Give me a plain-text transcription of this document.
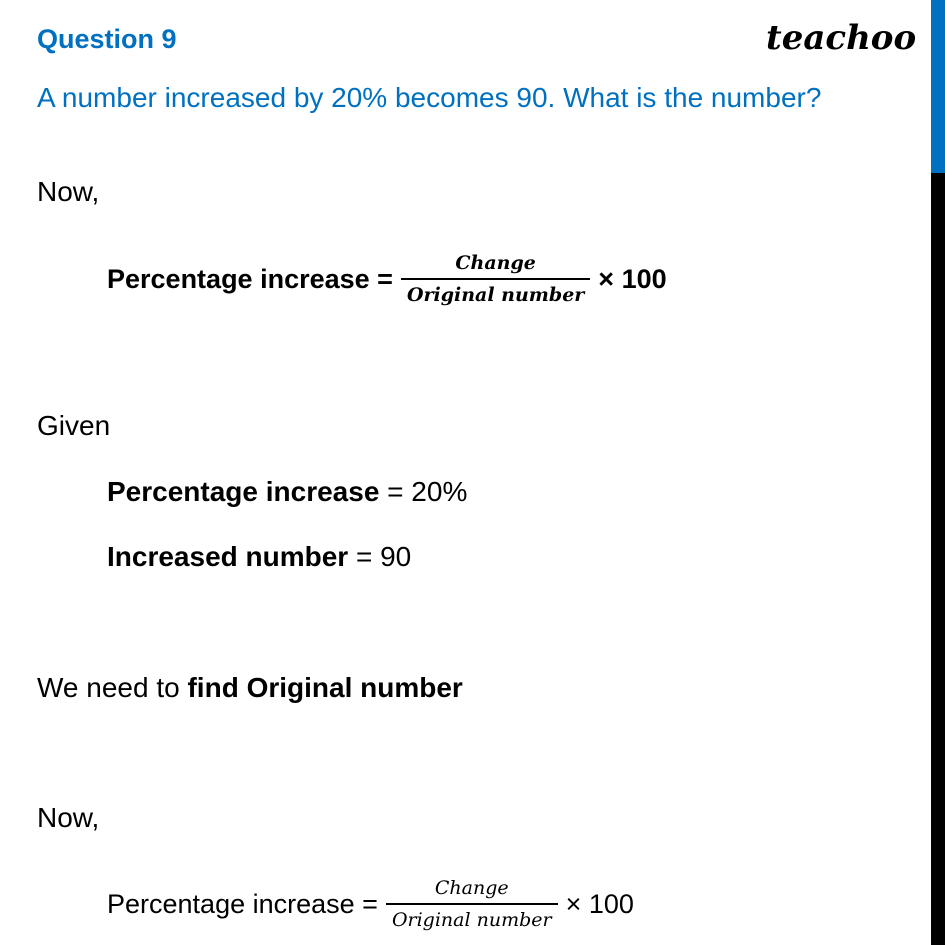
Question 9	teachoo
A number increased by 20% becomes 90. What is the number?
Now,
Percentage increase = $\frac{\text{Change}}{\text{Original number}} \times 100$
Given
Percentage increase = 20%
Increased number = 90
We need to find Original number
Now,
Percentage increase = $\frac{\text{Change}}{\text{Original number}} \times 100$
